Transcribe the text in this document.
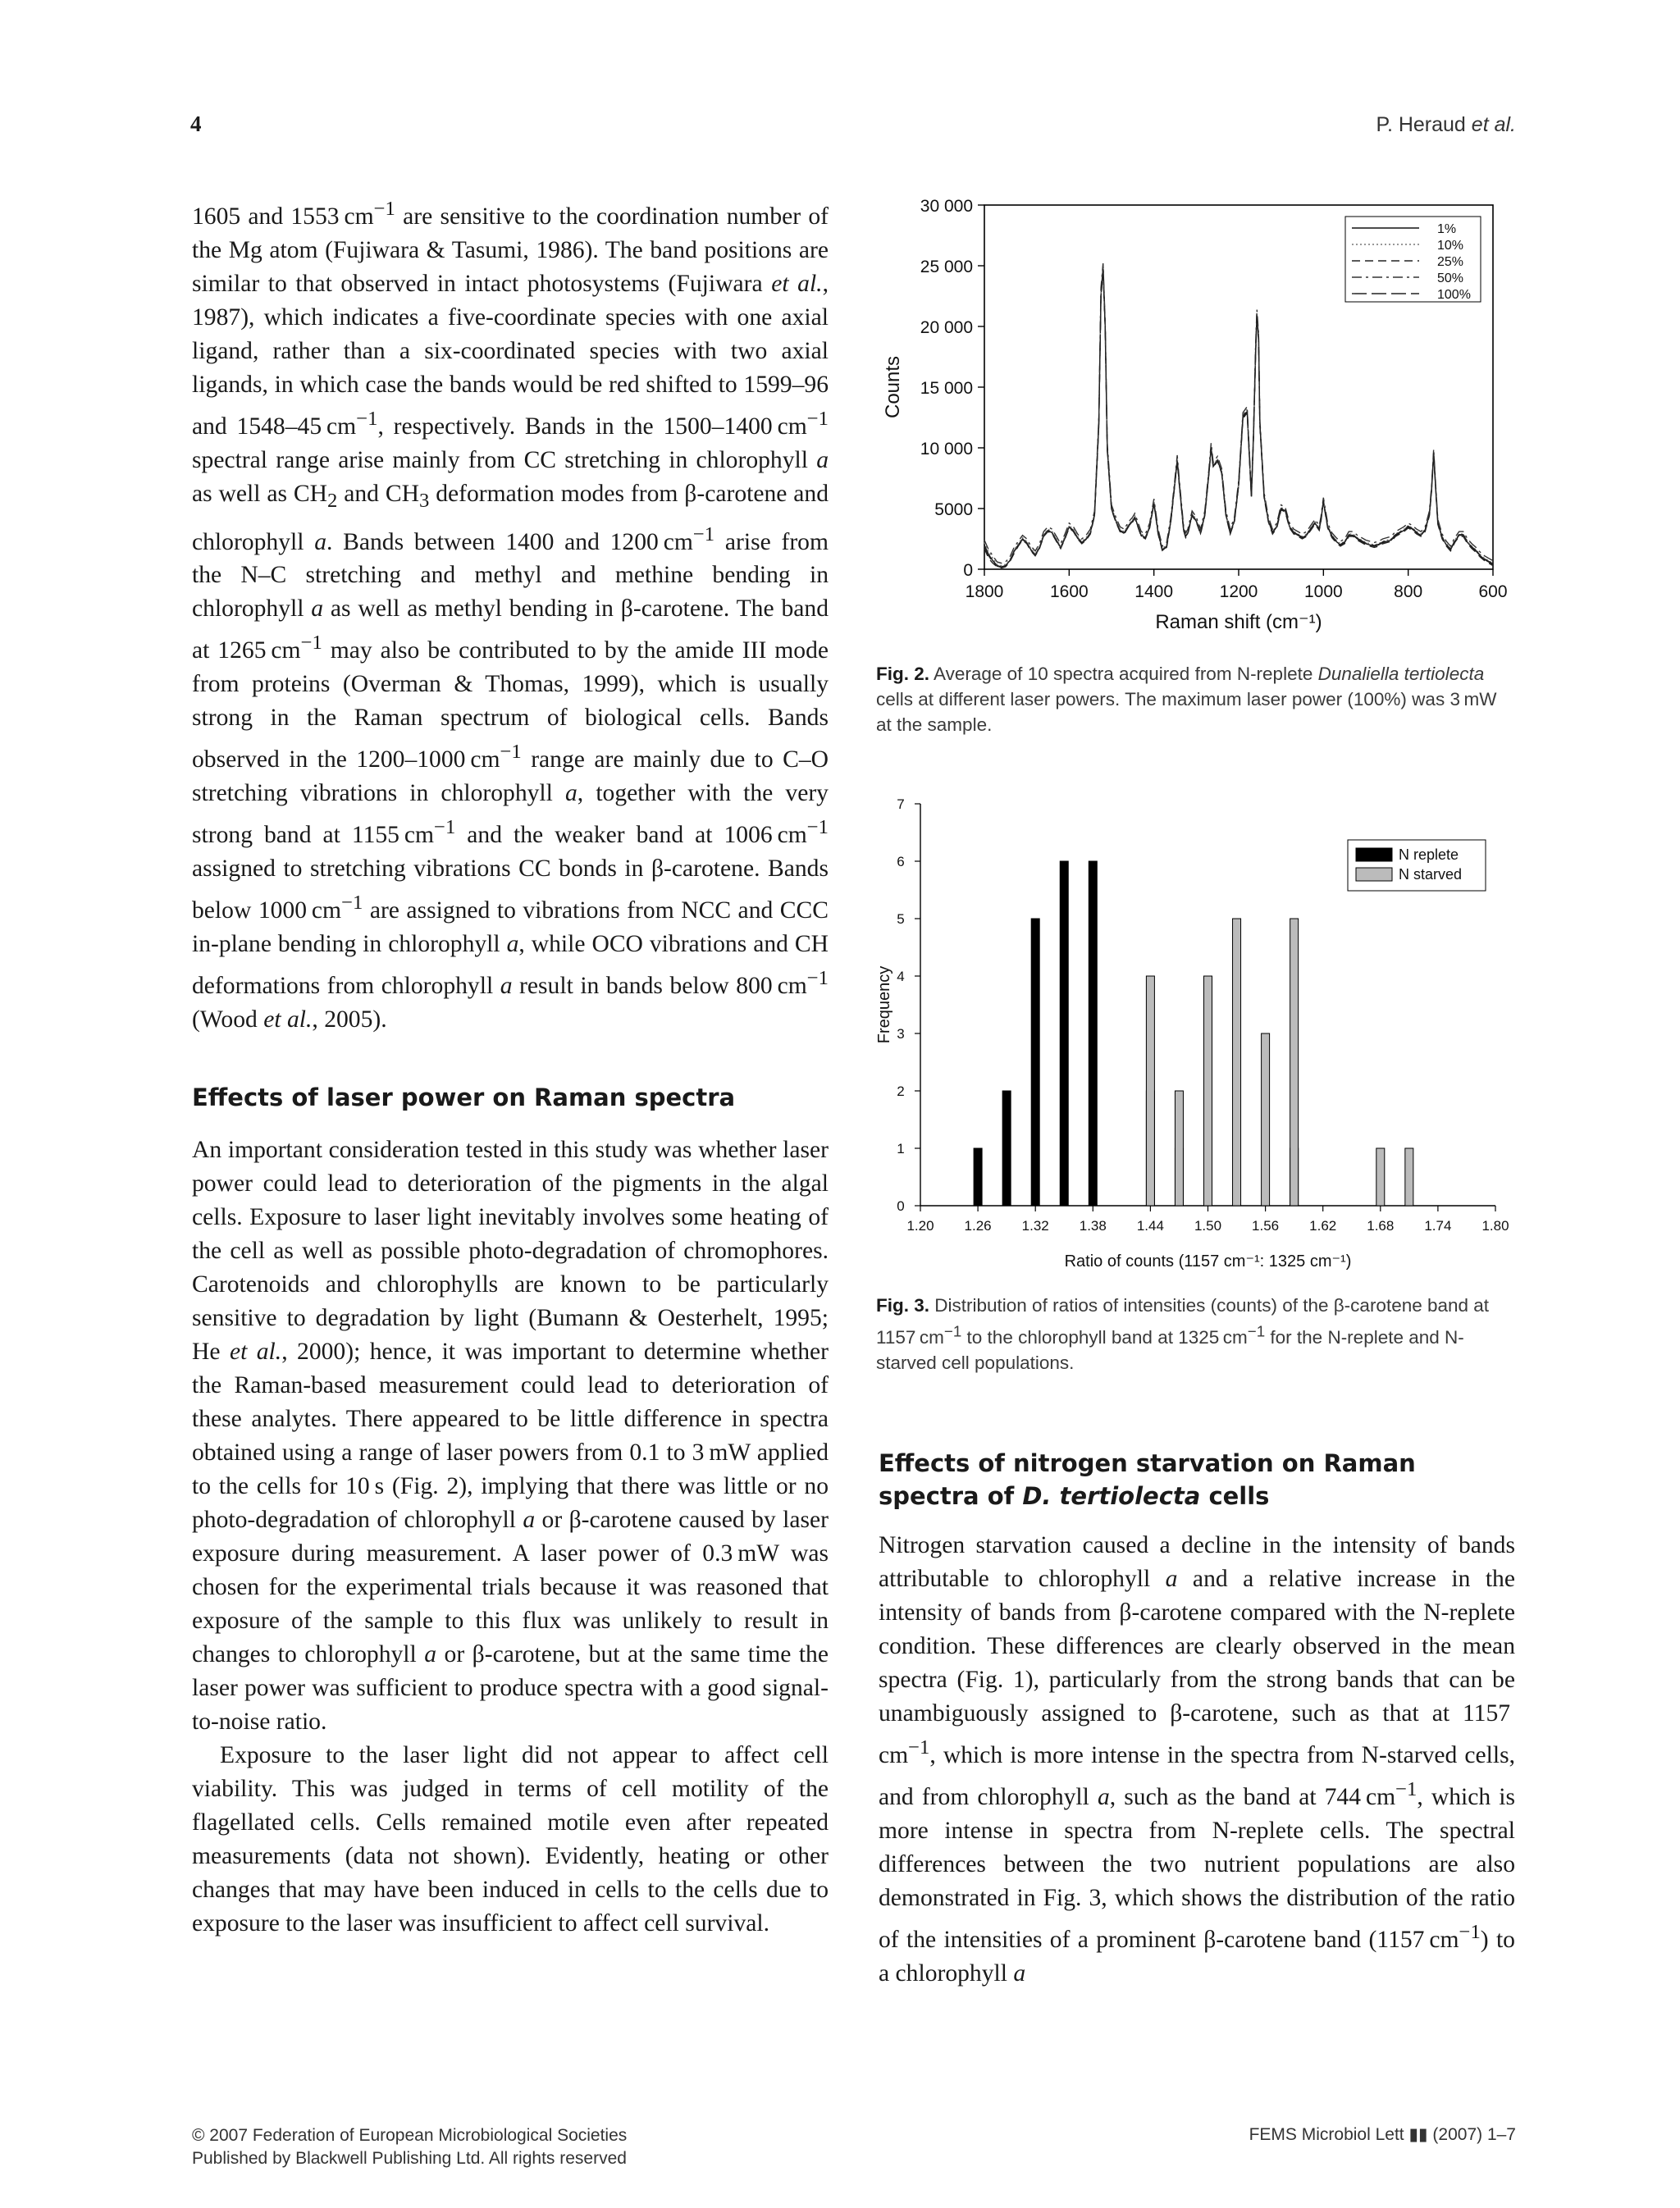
4	P. Heraud et al.

1605 and 1553 $cm^{-1}$ are sensitive to the coordination number of the Mg atom (Fujiwara & Tasumi, 1986). The band positions are similar to that observed in intact photosystems (Fujiwara et al., 1987), which indicates a five-coordinate species with one axial ligand, rather than a six-coordinated species with two axial ligands, in which case the bands would be red shifted to 1599–96 and 1548–45 $cm^{-1}$, respectively. Bands in the 1500–1400 $cm^{-1}$ spectral range arise mainly from CC stretching in chlorophyll a as well as $CH_2$ and $CH_3$ deformation modes from β-carotene and chlorophyll a. Bands between 1400 and 1200 $cm^{-1}$ arise from the N–C stretching and methyl and methine bending in chlorophyll a as well as methyl bending in β-carotene. The band at 1265 $cm^{-1}$ may also be contributed to by the amide III mode from proteins (Overman & Thomas, 1999), which is usually strong in the Raman spectrum of biological cells. Bands observed in the 1200–1000 $cm^{-1}$ range are mainly due to C–O stretching vibrations in chlorophyll a, together with the very strong band at 1155 $cm^{-1}$ and the weaker band at 1006 $cm^{-1}$ assigned to stretching vibrations CC bonds in β-carotene. Bands below 1000 $cm^{-1}$ are assigned to vibrations from NCC and CCC in-plane bending in chlorophyll a, while OCO vibrations and CH deformations from chlorophyll a result in bands below 800 $cm^{-1}$ (Wood et al., 2005).

Effects of laser power on Raman spectra

An important consideration tested in this study was whether laser power could lead to deterioration of the pigments in the algal cells. Exposure to laser light inevitably involves some heating of the cell as well as possible photo-degradation of chromophores. Carotenoids and chlorophylls are known to be particularly sensitive to degradation by light (Bumann & Oesterhelt, 1995; He et al., 2000); hence, it was important to determine whether the Raman-based measurement could lead to deterioration of these analytes. There appeared to be little difference in spectra obtained using a range of laser powers from 0.1 to 3 mW applied to the cells for 10 s (Fig. 2), implying that there was little or no photo-degradation of chlorophyll a or β-carotene caused by laser exposure during measurement. A laser power of 0.3 mW was chosen for the experimental trials because it was reasoned that exposure of the sample to this flux was unlikely to result in changes to chlorophyll a or β-carotene, but at the same time the laser power was sufficient to produce spectra with a good signal-to-noise ratio.

Exposure to the laser light did not appear to affect cell viability. This was judged in terms of cell motility of the flagellated cells. Cells remained motile even after repeated measurements (data not shown). Evidently, heating or other changes that may have been induced in cells to the cells due to exposure to the laser was insufficient to affect cell survival.

0
5000
10 000
15 000
20 000
25 000
30 000
1800	1600	1400	1200	1000	800	600
Raman shift (cm⁻¹)
Counts
1%
10%
25%
50%
100%
Fig. 2. Average of 10 spectra acquired from N-replete Dunaliella tertiolecta cells at different laser powers. The maximum laser power (100%) was 3 mW at the sample.
0
1
2
3
4
5
6
7
1.20 1.26 1.32 1.38 1.44 1.50 1.56 1.62 1.68 1.74 1.80
Ratio of counts (1157 cm⁻¹: 1325 cm⁻¹)
Frequency
N replete
N starved
Fig. 3. Distribution of ratios of intensities (counts) of the β-carotene band at 1157 $cm^{-1}$ to the chlorophyll band at 1325 $cm^{-1}$ for the N-replete and N-starved cell populations.
Effects of nitrogen starvation on Raman spectra of D. tertiolecta cells

Nitrogen starvation caused a decline in the intensity of bands attributable to chlorophyll a and a relative increase in the intensity of bands from β-carotene compared with the N-replete condition. These differences are clearly observed in the mean spectra (Fig. 1), particularly from the strong bands that can be unambiguously assigned to β-carotene, such as that at 1157 $cm^{-1}$, which is more intense in the spectra from N-starved cells, and from chlorophyll a, such as the band at 744 $cm^{-1}$, which is more intense in spectra from N-replete cells. The spectral differences between the two nutrient populations are also demonstrated in Fig. 3, which shows the distribution of the ratio of the intensities of a prominent β-carotene band (1157 $cm^{-1}$) to a chlorophyll a

© 2007 Federation of European Microbiological Societies
Published by Blackwell Publishing Ltd. All rights reserved
FEMS Microbiol Lett ▮▮ (2007) 1–7
